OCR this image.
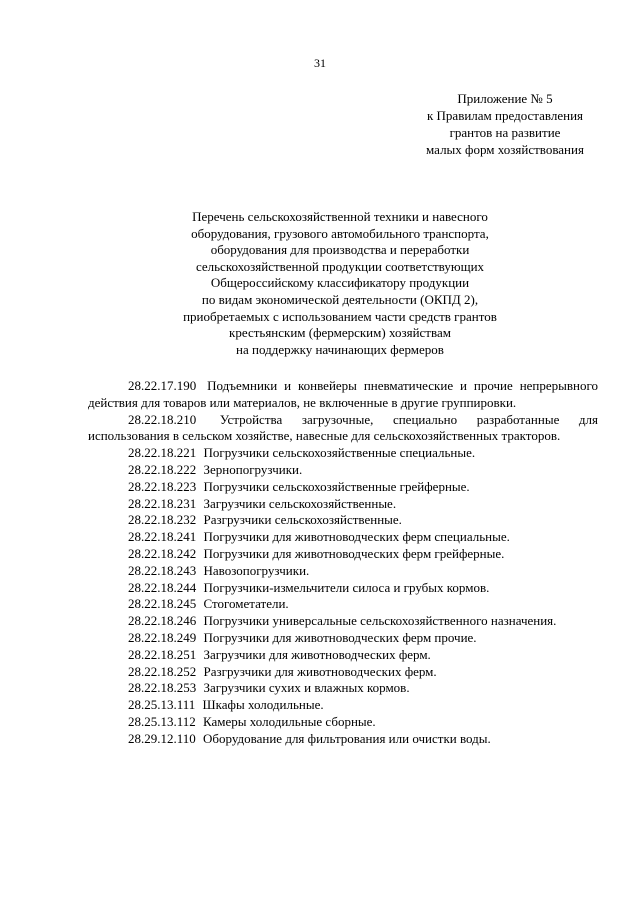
31
Приложение № 5
к Правилам предоставления
грантов на развитие
малых форм хозяйствования
Перечень сельскохозяйственной техники и навесного
оборудования, грузового автомобильного транспорта,
оборудования для производства и переработки
сельскохозяйственной продукции соответствующих
Общероссийскому классификатору продукции
по видам экономической деятельности (ОКПД 2),
приобретаемых с использованием части средств грантов
крестьянским (фермерским) хозяйствам
на поддержку начинающих фермеров
28.22.17.190 Подъемники и конвейеры пневматические и прочие непрерывного действия для товаров или материалов, не включенные в другие группировки.
28.22.18.210 Устройства загрузочные, специально разработанные для использования в сельском хозяйстве, навесные для сельскохозяйственных тракторов.
28.22.18.221 Погрузчики сельскохозяйственные специальные.
28.22.18.222 Зернопогрузчики.
28.22.18.223 Погрузчики сельскохозяйственные грейферные.
28.22.18.231 Загрузчики сельскохозяйственные.
28.22.18.232 Разгрузчики сельскохозяйственные.
28.22.18.241 Погрузчики для животноводческих ферм специальные.
28.22.18.242 Погрузчики для животноводческих ферм грейферные.
28.22.18.243 Навозопогрузчики.
28.22.18.244 Погрузчики-измельчители силоса и грубых кормов.
28.22.18.245 Стогометатели.
28.22.18.246 Погрузчики универсальные сельскохозяйственного назначения.
28.22.18.249 Погрузчики для животноводческих ферм прочие.
28.22.18.251 Загрузчики для животноводческих ферм.
28.22.18.252 Разгрузчики для животноводческих ферм.
28.22.18.253 Загрузчики сухих и влажных кормов.
28.25.13.111 Шкафы холодильные.
28.25.13.112 Камеры холодильные сборные.
28.29.12.110 Оборудование для фильтрования или очистки воды.
